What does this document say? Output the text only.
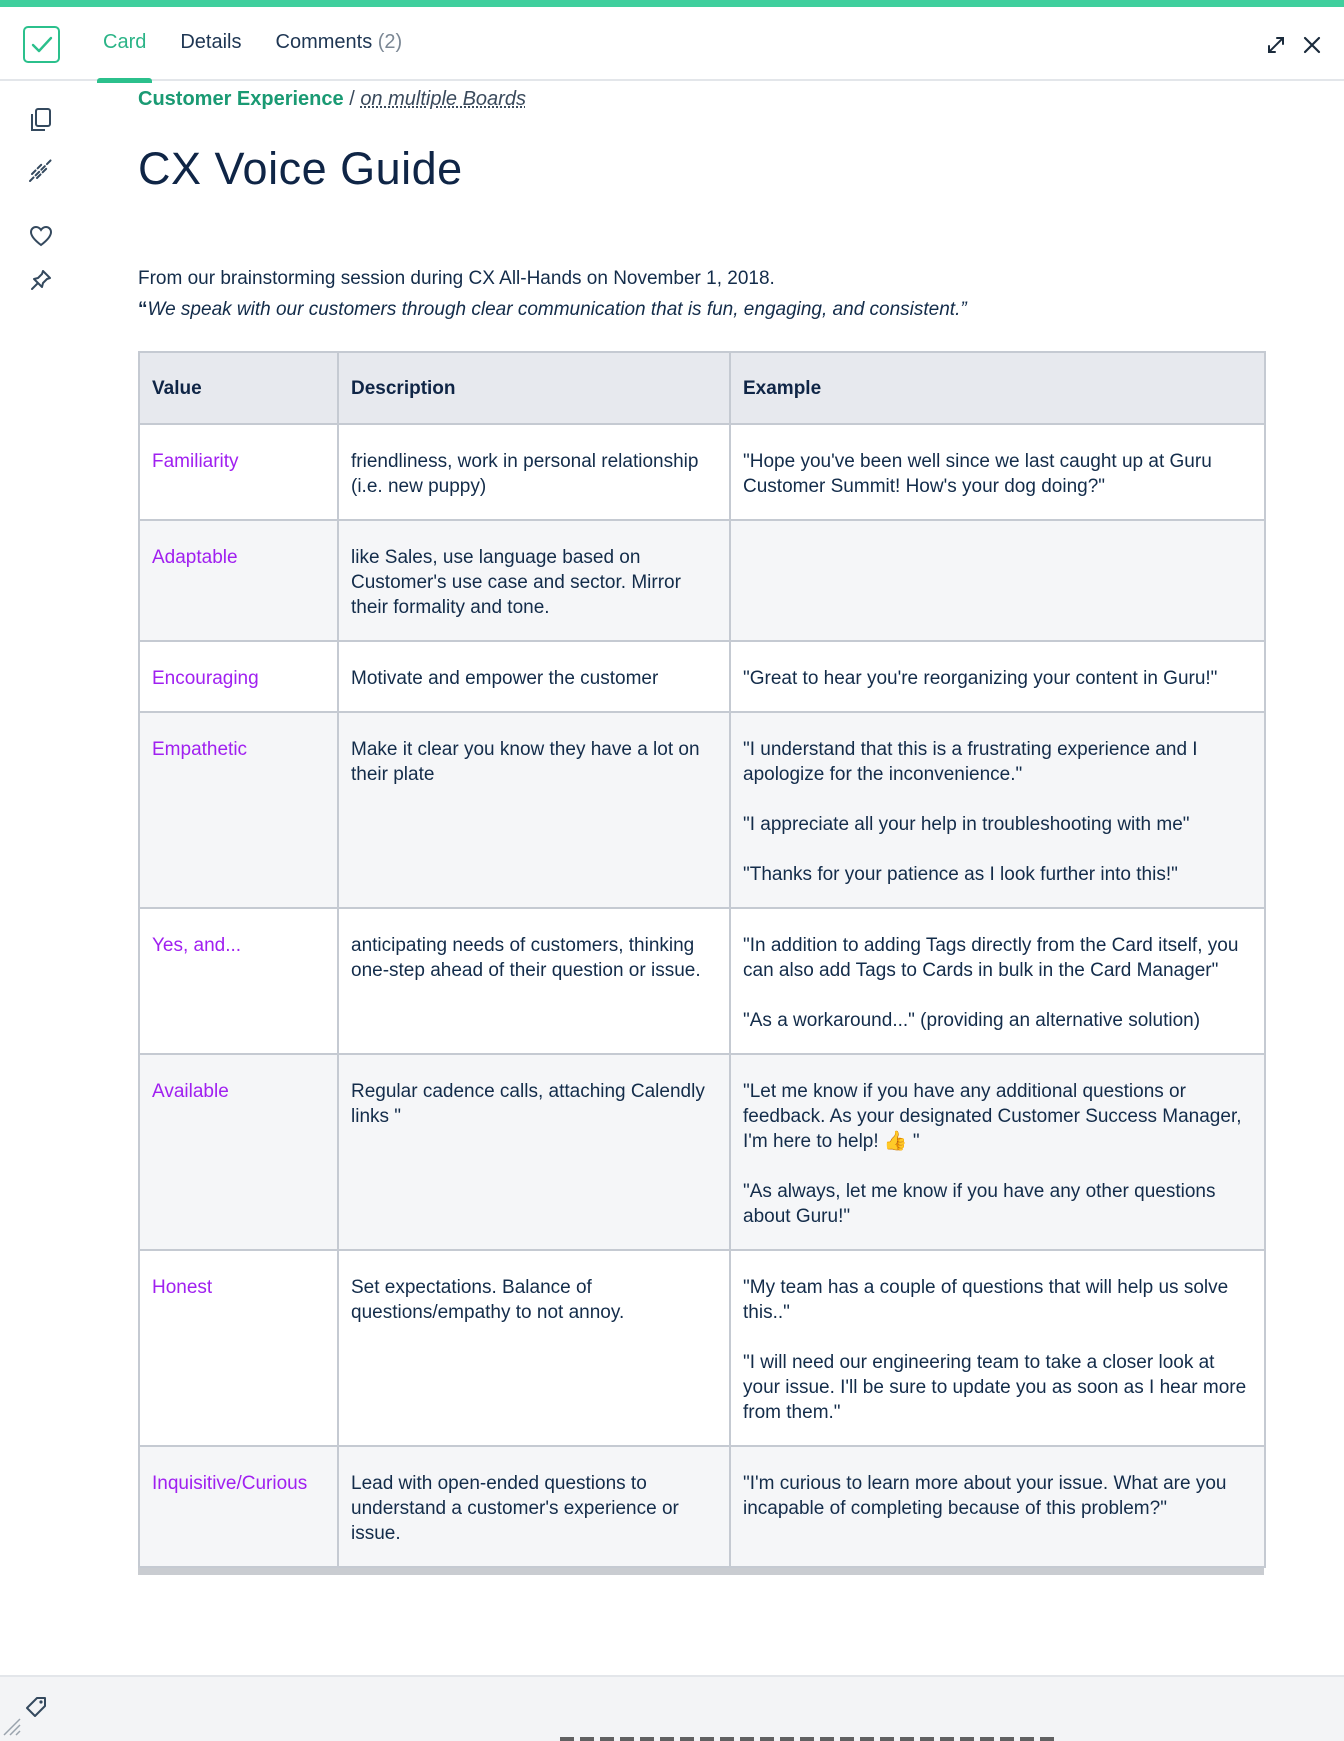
Card	Details	Comments (2)
Customer Experience / on multiple Boards
CX Voice Guide

From our brainstorming session during CX All-Hands on November 1, 2018.

“We speak with our customers through clear communication that is fun, engaging, and consistent.”

Value	Description	Example
Familiarity	friendliness, work in personal relationship (i.e. new puppy)	"Hope you've been well since we last caught up at Guru Customer Summit! How's your dog doing?"

Adaptable	like Sales, use language based on Customer's use case and sector. Mirror their formality and tone.	
Encouraging	Motivate and empower the customer	"Great to hear you're reorganizing your content in Guru!"

Empathetic	Make it clear you know they have a lot on their plate	"I understand that this is a frustrating experience and I apologize for the inconvenience."

"I appreciate all your help in troubleshooting with me"

"Thanks for your patience as I look further into this!"

Yes, and...	anticipating needs of customers, thinking one-step ahead of their question or issue.	"In addition to adding Tags directly from the Card itself, you can also add Tags to Cards in bulk in the Card Manager"

"As a workaround..." (providing an alternative solution)

Available	Regular cadence calls, attaching Calendly links "	"Let me know if you have any additional questions or feedback. As your designated Customer Success Manager, I'm here to help! 👍 "

"As always, let me know if you have any other questions about Guru!"

Honest	Set expectations. Balance of questions/empathy to not annoy.	"My team has a couple of questions that will help us solve this.."

"I will need our engineering team to take a closer look at your issue. I'll be sure to update you as soon as I hear more from them."

Inquisitive/Curious	Lead with open-ended questions to understand a customer's experience or issue.	"I'm curious to learn more about your issue. What are you incapable of completing because of this problem?"
